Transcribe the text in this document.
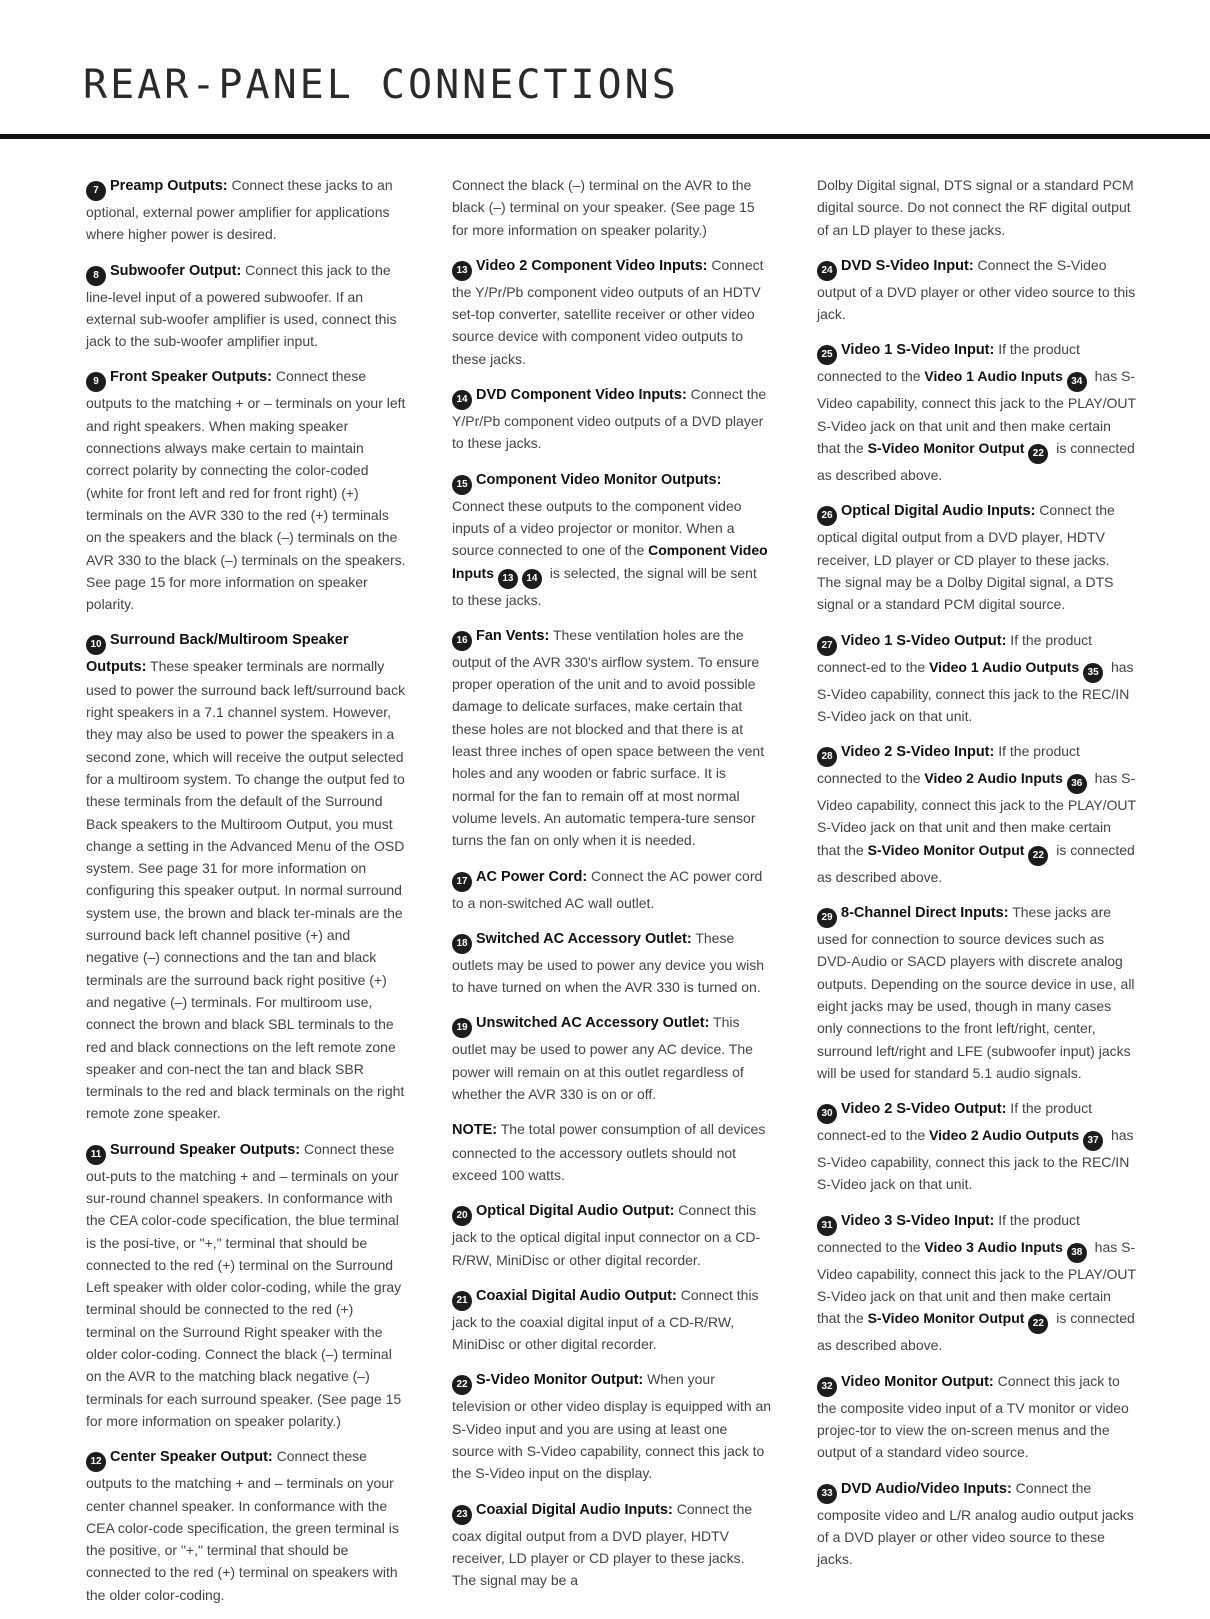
REAR-PANEL CONNECTIONS

7 Preamp Outputs: Connect these jacks to an optional, external power amplifier for applications where higher power is desired.

8 Subwoofer Output: Connect this jack to the line-level input of a powered subwoofer. If an external sub-woofer amplifier is used, connect this jack to the sub-woofer amplifier input.

9 Front Speaker Outputs: Connect these outputs to the matching + or – terminals on your left and right speakers. When making speaker connections always make certain to maintain correct polarity by connecting the color-coded (white for front left and red for front right) (+) terminals on the AVR 330 to the red (+) terminals on the speakers and the black (–) terminals on the AVR 330 to the black (–) terminals on the speakers. See page 15 for more information on speaker polarity.

10 Surround Back/Multiroom Speaker Outputs: These speaker terminals are normally used to power the surround back left/surround back right speakers in a 7.1 channel system. However, they may also be used to power the speakers in a second zone, which will receive the output selected for a multiroom system. To change the output fed to these terminals from the default of the Surround Back speakers to the Multiroom Output, you must change a setting in the Advanced Menu of the OSD system. See page 31 for more information on configuring this speaker output. In normal surround system use, the brown and black ter-minals are the surround back left channel positive (+) and negative (–) connections and the tan and black terminals are the surround back right positive (+) and negative (–) terminals. For multiroom use, connect the brown and black SBL terminals to the red and black connections on the left remote zone speaker and con-nect the tan and black SBR terminals to the red and black terminals on the right remote zone speaker.

11 Surround Speaker Outputs: Connect these out-puts to the matching + and – terminals on your sur-round channel speakers. In conformance with the CEA color-code specification, the blue terminal is the posi-tive, or "+," terminal that should be connected to the red (+) terminal on the Surround Left speaker with older color-coding, while the gray terminal should be connected to the red (+) terminal on the Surround Right speaker with the older color-coding. Connect the black (–) terminal on the AVR to the matching black negative (–) terminals for each surround speaker. (See page 15 for more information on speaker polarity.)

12 Center Speaker Output: Connect these outputs to the matching + and – terminals on your center channel speaker. In conformance with the CEA color-code specification, the green terminal is the positive, or "+," terminal that should be connected to the red (+) terminal on speakers with the older color-coding.

Connect the black (–) terminal on the AVR to the black (–) terminal on your speaker. (See page 15 for more information on speaker polarity.)

13 Video 2 Component Video Inputs: Connect the Y/Pr/Pb component video outputs of an HDTV set-top converter, satellite receiver or other video source device with component video outputs to these jacks.

14 DVD Component Video Inputs: Connect the Y/Pr/Pb component video outputs of a DVD player to these jacks.

15 Component Video Monitor Outputs: Connect these outputs to the component video inputs of a video projector or monitor. When a source connected to one of the Component Video Inputs 13 14 is selected, the signal will be sent to these jacks.

16 Fan Vents: These ventilation holes are the output of the AVR 330's airflow system. To ensure proper operation of the unit and to avoid possible damage to delicate surfaces, make certain that these holes are not blocked and that there is at least three inches of open space between the vent holes and any wooden or fabric surface. It is normal for the fan to remain off at most normal volume levels. An automatic tempera-ture sensor turns the fan on only when it is needed.

17 AC Power Cord: Connect the AC power cord to a non-switched AC wall outlet.

18 Switched AC Accessory Outlet: These outlets may be used to power any device you wish to have turned on when the AVR 330 is turned on.

19 Unswitched AC Accessory Outlet: This outlet may be used to power any AC device. The power will remain on at this outlet regardless of whether the AVR 330 is on or off.

NOTE: The total power consumption of all devices connected to the accessory outlets should not exceed 100 watts.

20 Optical Digital Audio Output: Connect this jack to the optical digital input connector on a CD-R/RW, MiniDisc or other digital recorder.

21 Coaxial Digital Audio Output: Connect this jack to the coaxial digital input of a CD-R/RW, MiniDisc or other digital recorder.

22 S-Video Monitor Output: When your television or other video display is equipped with an S-Video input and you are using at least one source with S-Video capability, connect this jack to the S-Video input on the display.

23 Coaxial Digital Audio Inputs: Connect the coax digital output from a DVD player, HDTV receiver, LD player or CD player to these jacks. The signal may be a

Dolby Digital signal, DTS signal or a standard PCM digital source. Do not connect the RF digital output of an LD player to these jacks.

24 DVD S-Video Input: Connect the S-Video output of a DVD player or other video source to this jack.

25 Video 1 S-Video Input: If the product connected to the Video 1 Audio Inputs 34 has S-Video capability, connect this jack to the PLAY/OUT S-Video jack on that unit and then make certain that the S-Video Monitor Output 22 is connected as described above.

26 Optical Digital Audio Inputs: Connect the optical digital output from a DVD player, HDTV receiver, LD player or CD player to these jacks. The signal may be a Dolby Digital signal, a DTS signal or a standard PCM digital source.

27 Video 1 S-Video Output: If the product connect-ed to the Video 1 Audio Outputs 35 has S-Video capability, connect this jack to the REC/IN S-Video jack on that unit.

28 Video 2 S-Video Input: If the product connected to the Video 2 Audio Inputs 36 has S-Video capability, connect this jack to the PLAY/OUT S-Video jack on that unit and then make certain that the S-Video Monitor Output 22 is connected as described above.

29 8-Channel Direct Inputs: These jacks are used for connection to source devices such as DVD-Audio or SACD players with discrete analog outputs. Depending on the source device in use, all eight jacks may be used, though in many cases only connections to the front left/right, center, surround left/right and LFE (subwoofer input) jacks will be used for standard 5.1 audio signals.

30 Video 2 S-Video Output: If the product connect-ed to the Video 2 Audio Outputs 37 has S-Video capability, connect this jack to the REC/IN S-Video jack on that unit.

31 Video 3 S-Video Input: If the product connected to the Video 3 Audio Inputs 38 has S-Video capability, connect this jack to the PLAY/OUT S-Video jack on that unit and then make certain that the S-Video Monitor Output 22 is connected as described above.

32 Video Monitor Output: Connect this jack to the composite video input of a TV monitor or video projec-tor to view the on-screen menus and the output of a standard video source.

33 DVD Audio/Video Inputs: Connect the composite video and L/R analog audio output jacks of a DVD player or other video source to these jacks.
